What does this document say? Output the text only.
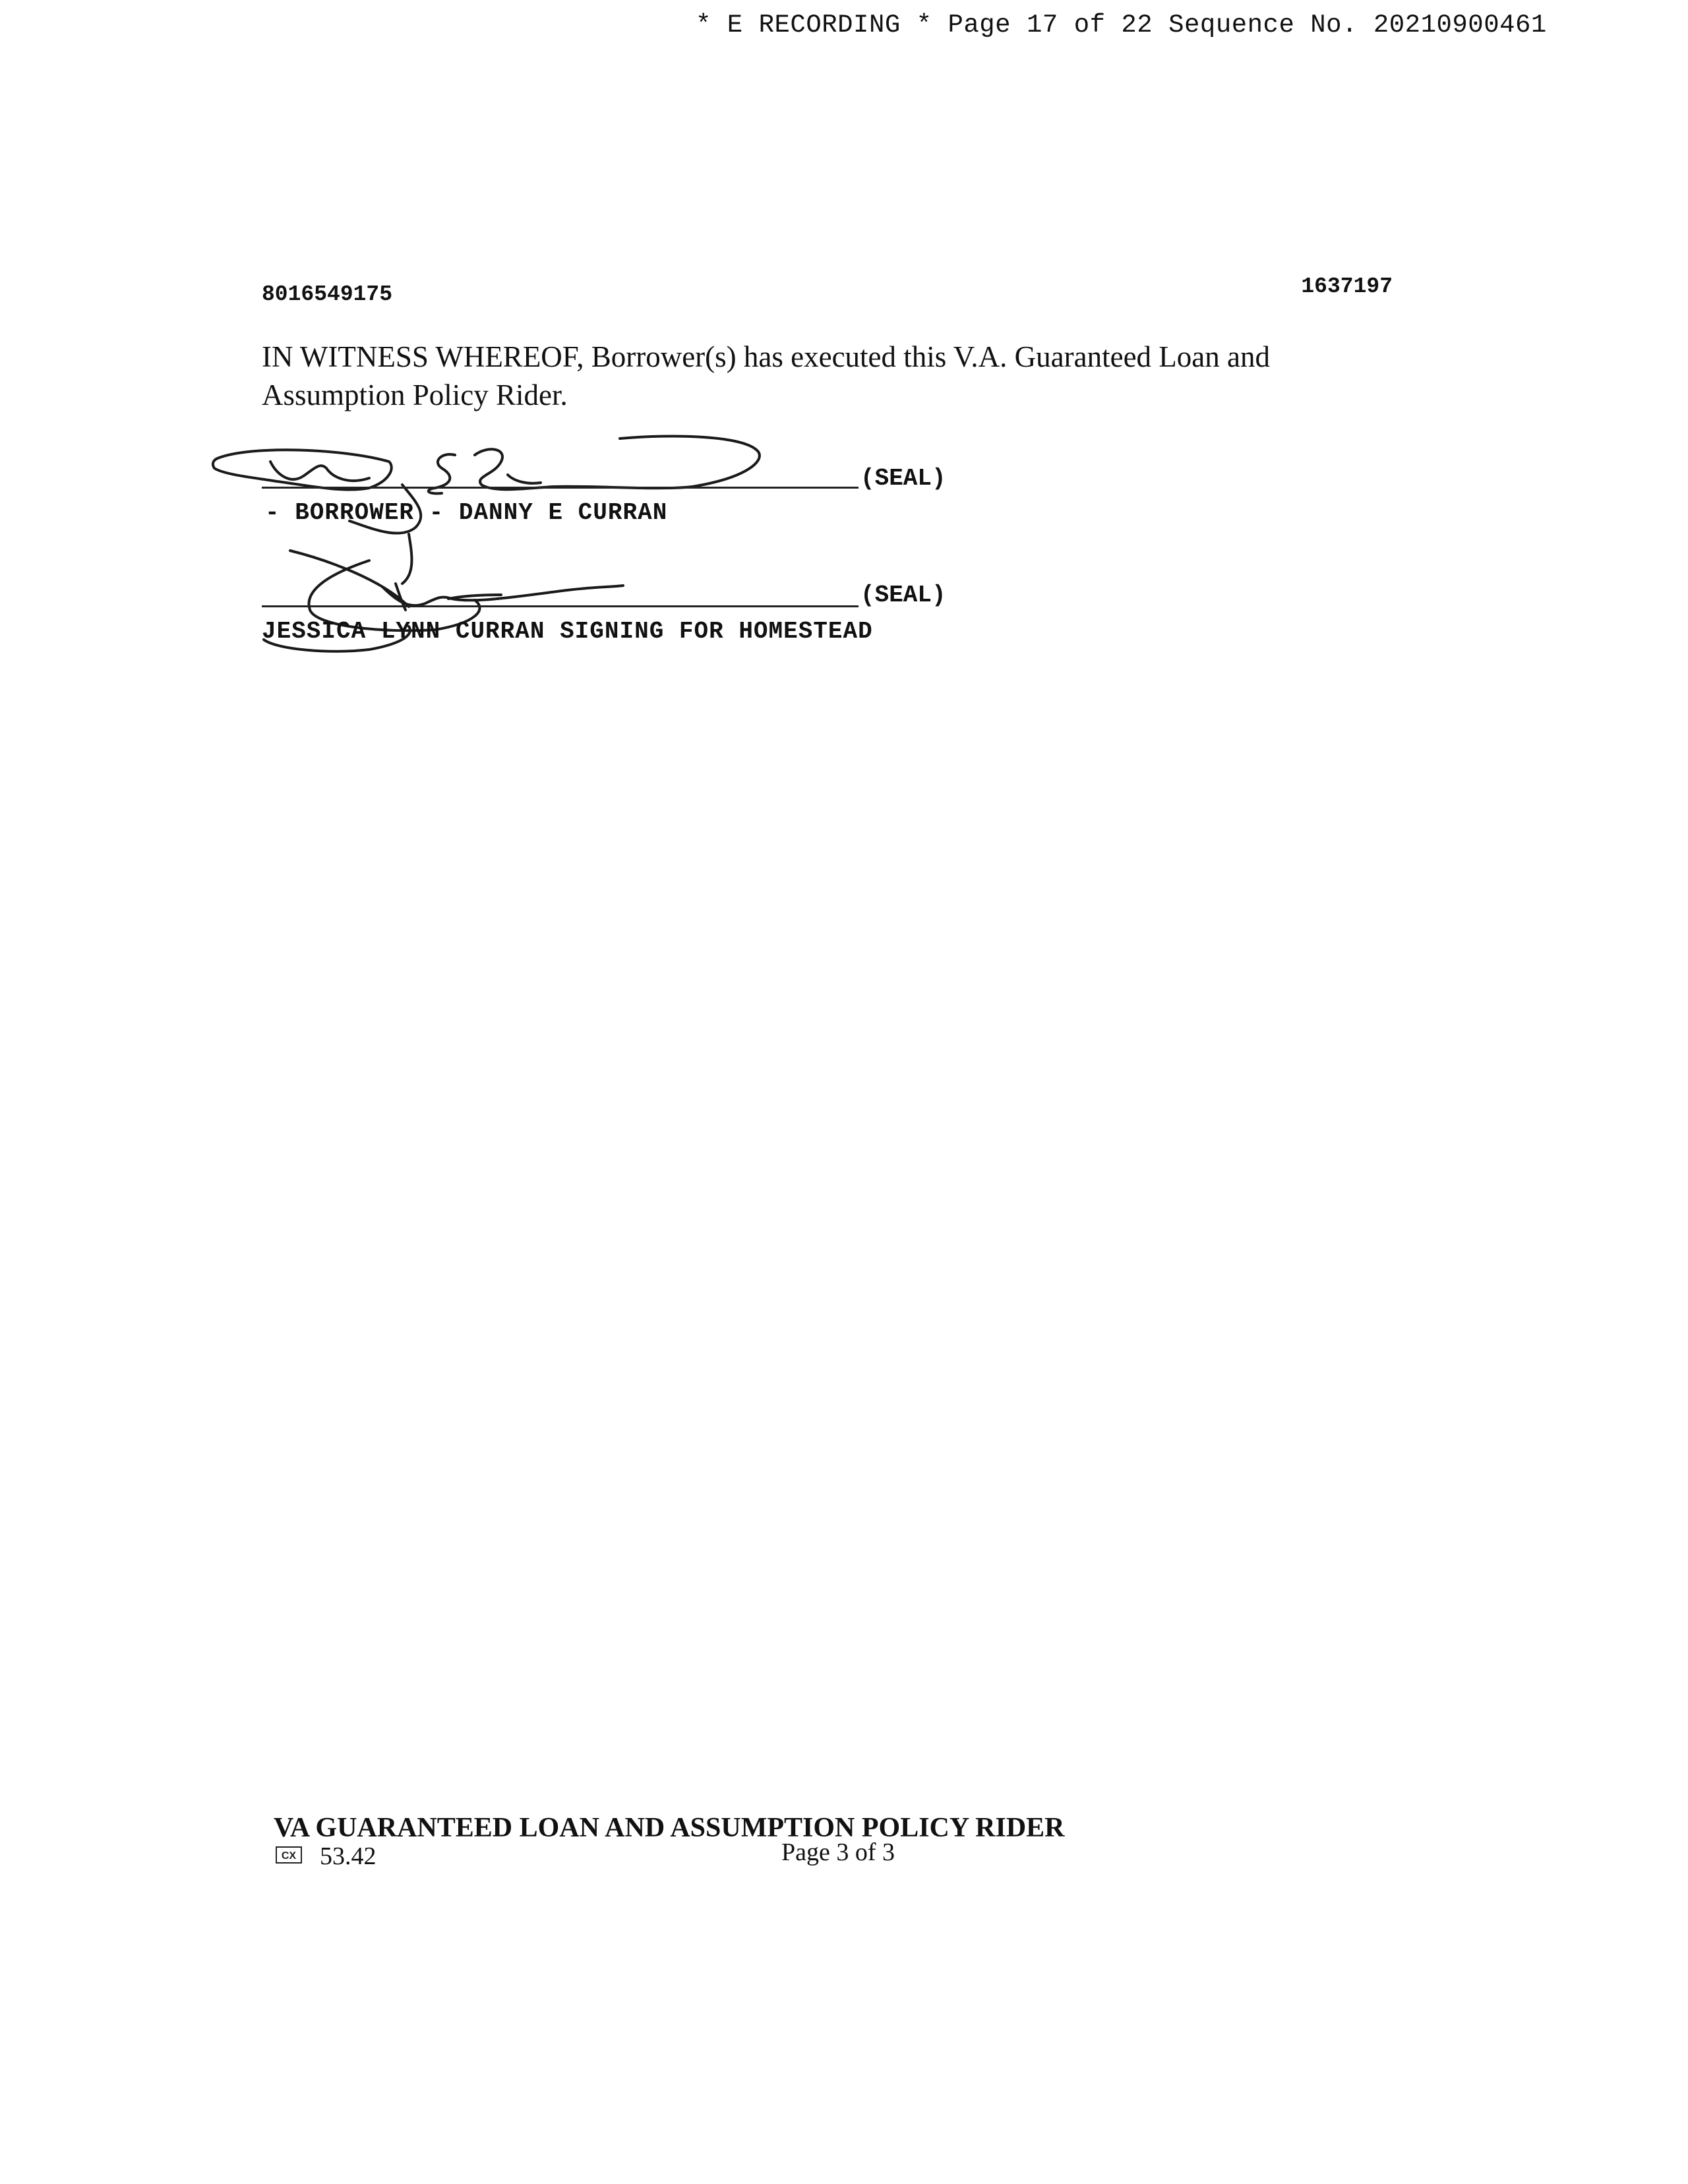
* E RECORDING * Page 17 of 22 Sequence No. 20210900461
8016549175	1637197
IN WITNESS WHEREOF, Borrower(s) has executed this V.A. Guaranteed Loan and Assumption Policy Rider.
(SEAL)
- BORROWER - DANNY E CURRAN
(SEAL)
JESSICA LYNN CURRAN SIGNING FOR HOMESTEAD
VA GUARANTEED LOAN AND ASSUMPTION POLICY RIDER
CX 53.42	Page 3 of 3
